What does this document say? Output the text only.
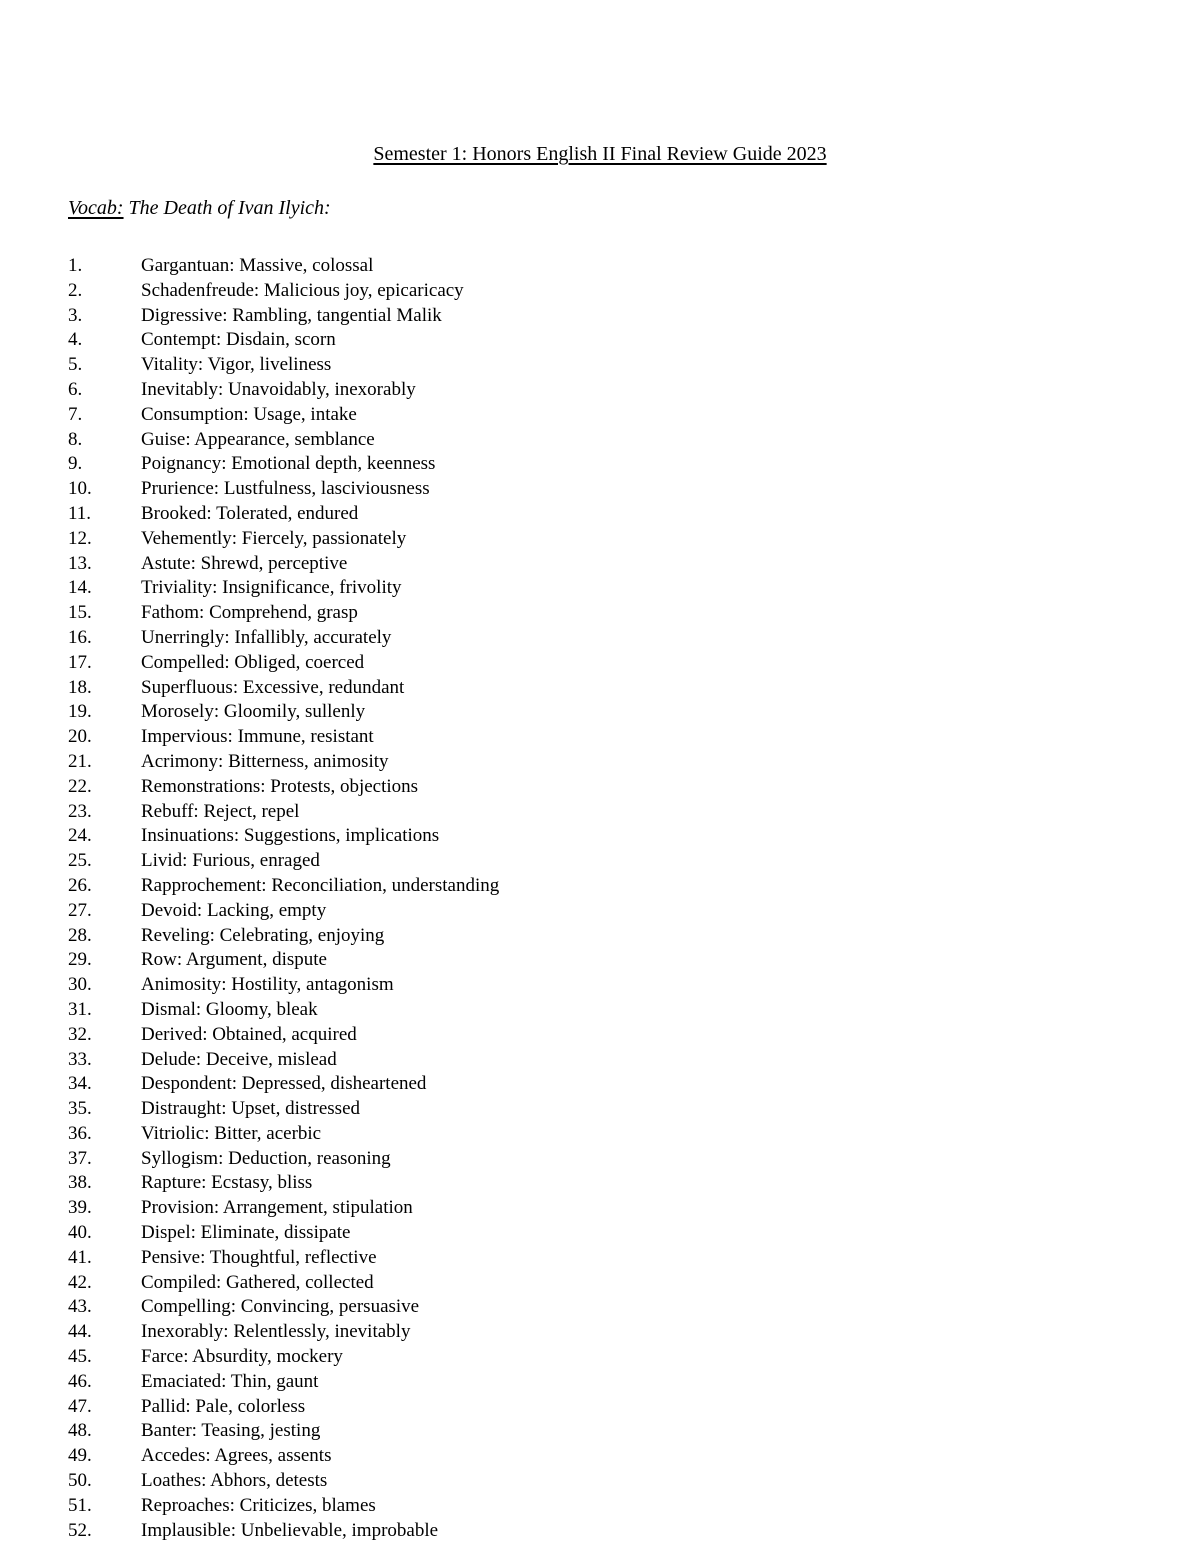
Semester 1: Honors English II Final Review Guide 2023
Vocab: The Death of Ivan Ilyich:
1.	Gargantuan: Massive, colossal
2.	Schadenfreude: Malicious joy, epicaricacy
3.	Digressive: Rambling, tangential Malik
4.	Contempt: Disdain, scorn
5.	Vitality: Vigor, liveliness
6.	Inevitably: Unavoidably, inexorably
7.	Consumption: Usage, intake
8.	Guise: Appearance, semblance
9.	Poignancy: Emotional depth, keenness
10.	Prurience: Lustfulness, lasciviousness
11.	Brooked: Tolerated, endured
12.	Vehemently: Fiercely, passionately
13.	Astute: Shrewd, perceptive
14.	Triviality: Insignificance, frivolity
15.	Fathom: Comprehend, grasp
16.	Unerringly: Infallibly, accurately
17.	Compelled: Obliged, coerced
18.	Superfluous: Excessive, redundant
19.	Morosely: Gloomily, sullenly
20.	Impervious: Immune, resistant
21.	Acrimony: Bitterness, animosity
22.	Remonstrations: Protests, objections
23.	Rebuff: Reject, repel
24.	Insinuations: Suggestions, implications
25.	Livid: Furious, enraged
26.	Rapprochement: Reconciliation, understanding
27.	Devoid: Lacking, empty
28.	Reveling: Celebrating, enjoying
29.	Row: Argument, dispute
30.	Animosity: Hostility, antagonism
31.	Dismal: Gloomy, bleak
32.	Derived: Obtained, acquired
33.	Delude: Deceive, mislead
34.	Despondent: Depressed, disheartened
35.	Distraught: Upset, distressed
36.	Vitriolic: Bitter, acerbic
37.	Syllogism: Deduction, reasoning
38.	Rapture: Ecstasy, bliss
39.	Provision: Arrangement, stipulation
40.	Dispel: Eliminate, dissipate
41.	Pensive: Thoughtful, reflective
42.	Compiled: Gathered, collected
43.	Compelling: Convincing, persuasive
44.	Inexorably: Relentlessly, inevitably
45.	Farce: Absurdity, mockery
46.	Emaciated: Thin, gaunt
47.	Pallid: Pale, colorless
48.	Banter: Teasing, jesting
49.	Accedes: Agrees, assents
50.	Loathes: Abhors, detests
51.	Reproaches: Criticizes, blames
52.	Implausible: Unbelievable, improbable
